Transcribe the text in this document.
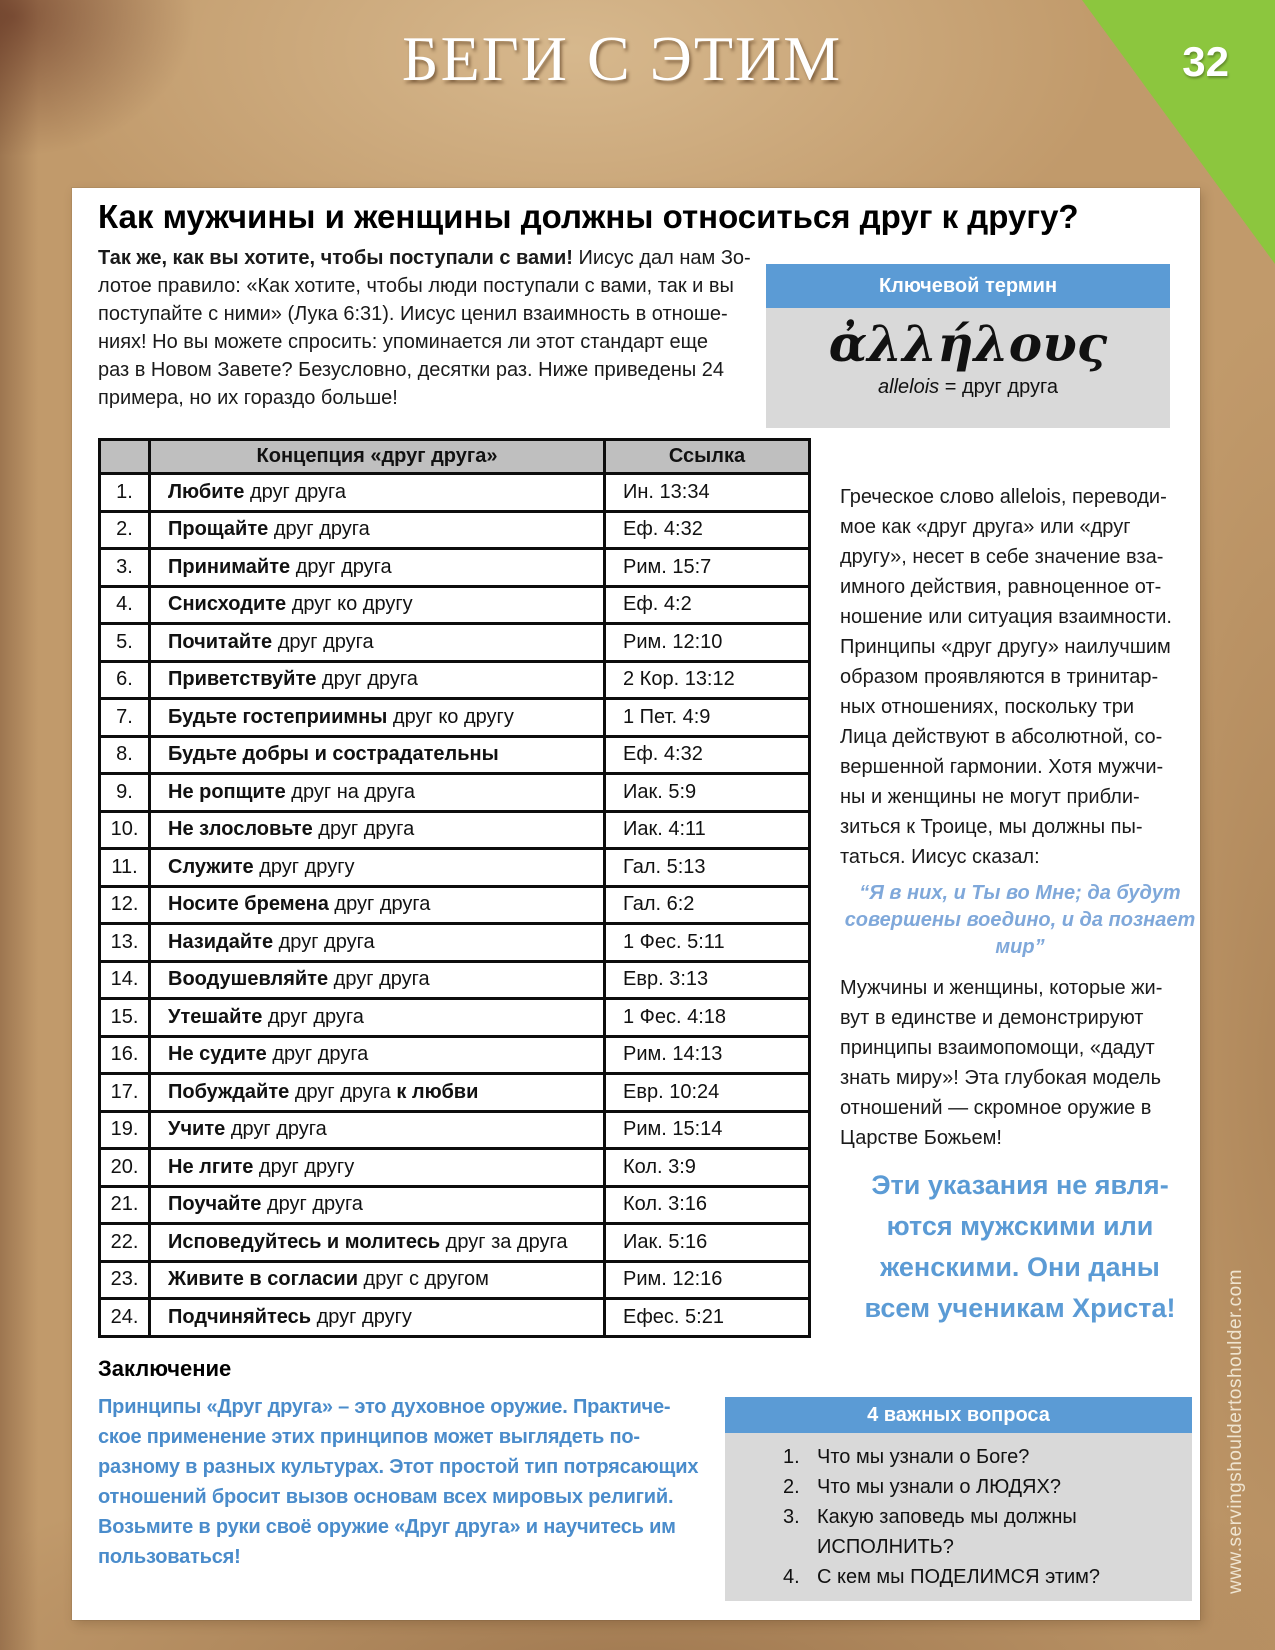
БЕГИ С ЭТИМ	32
www.servingshouldertoshoulder.com
Как мужчины и женщины должны относиться друг к другу?
Так же, как вы хотите, чтобы поступали с вами! Иисус дал нам Зо-
лотое правило: «Как хотите, чтобы люди поступали с вами, так и вы
поступайте с ними» (Лука 6:31). Иисус ценил взаимность в отноше-
ниях! Но вы можете спросить: упоминается ли этот стандарт еще
раз в Новом Завете? Безусловно, десятки раз. Ниже приведены 24
примера, но их гораздо больше!
Ключевой термин
ἀλλήλους
allelois = друг друга
	Концепция «друг друга»	Ссылка
1.	Любите друг друга	Ин. 13:34
2.	Прощайте друг друга	Еф. 4:32
3.	Принимайте друг друга	Рим. 15:7
4.	Снисходите друг ко другу	Еф. 4:2
5.	Почитайте друг друга	Рим. 12:10
6.	Приветствуйте друг друга	2 Кор. 13:12
7.	Будьте гостеприимны друг ко другу	1 Пет. 4:9
8.	Будьте добры и сострадательны	Еф. 4:32
9.	Не ропщите друг на друга	Иак. 5:9
10.	Не злословьте друг друга	Иак. 4:11
11.	Служите друг другу	Гал. 5:13
12.	Носите бремена друг друга	Гал. 6:2
13.	Назидайте друг друга	1 Фес. 5:11
14.	Воодушевляйте друг друга	Евр. 3:13
15.	Утешайте друг друга	1 Фес. 4:18
16.	Не судите друг друга	Рим. 14:13
17.	Побуждайте друг друга к любви	Евр. 10:24
19.	Учите друг друга	Рим. 15:14
20.	Не лгите друг другу	Кол. 3:9
21.	Поучайте друг друга	Кол. 3:16
22.	Исповедуйтесь и молитесь друг за друга	Иак. 5:16
23.	Живите в согласии друг с другом	Рим. 12:16
24.	Подчиняйтесь друг другу	Ефес. 5:21
Греческое слово allelois, переводи-
мое как «друг друга» или «друг
другу», несет в себе значение вза-
имного действия, равноценное от-
ношение или ситуация взаимности.
Принципы «друг другу» наилучшим
образом проявляются в тринитар-
ных отношениях, поскольку три
Лица действуют в абсолютной, со-
вершенной гармонии. Хотя мужчи-
ны и женщины не могут прибли-
зиться к Троице, мы должны пы-
таться. Иисус сказал:
“Я в них, и Ты во Мне; да будут
совершены воедино, и да познает
мир”
Мужчины и женщины, которые жи-
вут в единстве и демонстрируют
принципы взаимопомощи, «дадут
знать миру»! Эта глубокая модель
отношений — скромное оружие в
Царстве Божьем!
Эти указания не явля-
ются мужскими или
женскими. Они даны
всем ученикам Христа!
Заключение
Принципы «Друг друга» – это духовное оружие. Практиче-
ское применение этих принципов может выглядеть по-
разному в разных культурах. Этот простой тип потрясающих
отношений бросит вызов основам всех мировых религий.
Возьмите в руки своё оружие «Друг друга» и научитесь им
пользоваться!
4 важных вопроса
1. Что мы узнали о Боге?
2. Что мы узнали о ЛЮДЯХ?
3. Какую заповедь мы должны ИСПОЛНИТЬ?
4. С кем мы ПОДЕЛИМСЯ этим?
